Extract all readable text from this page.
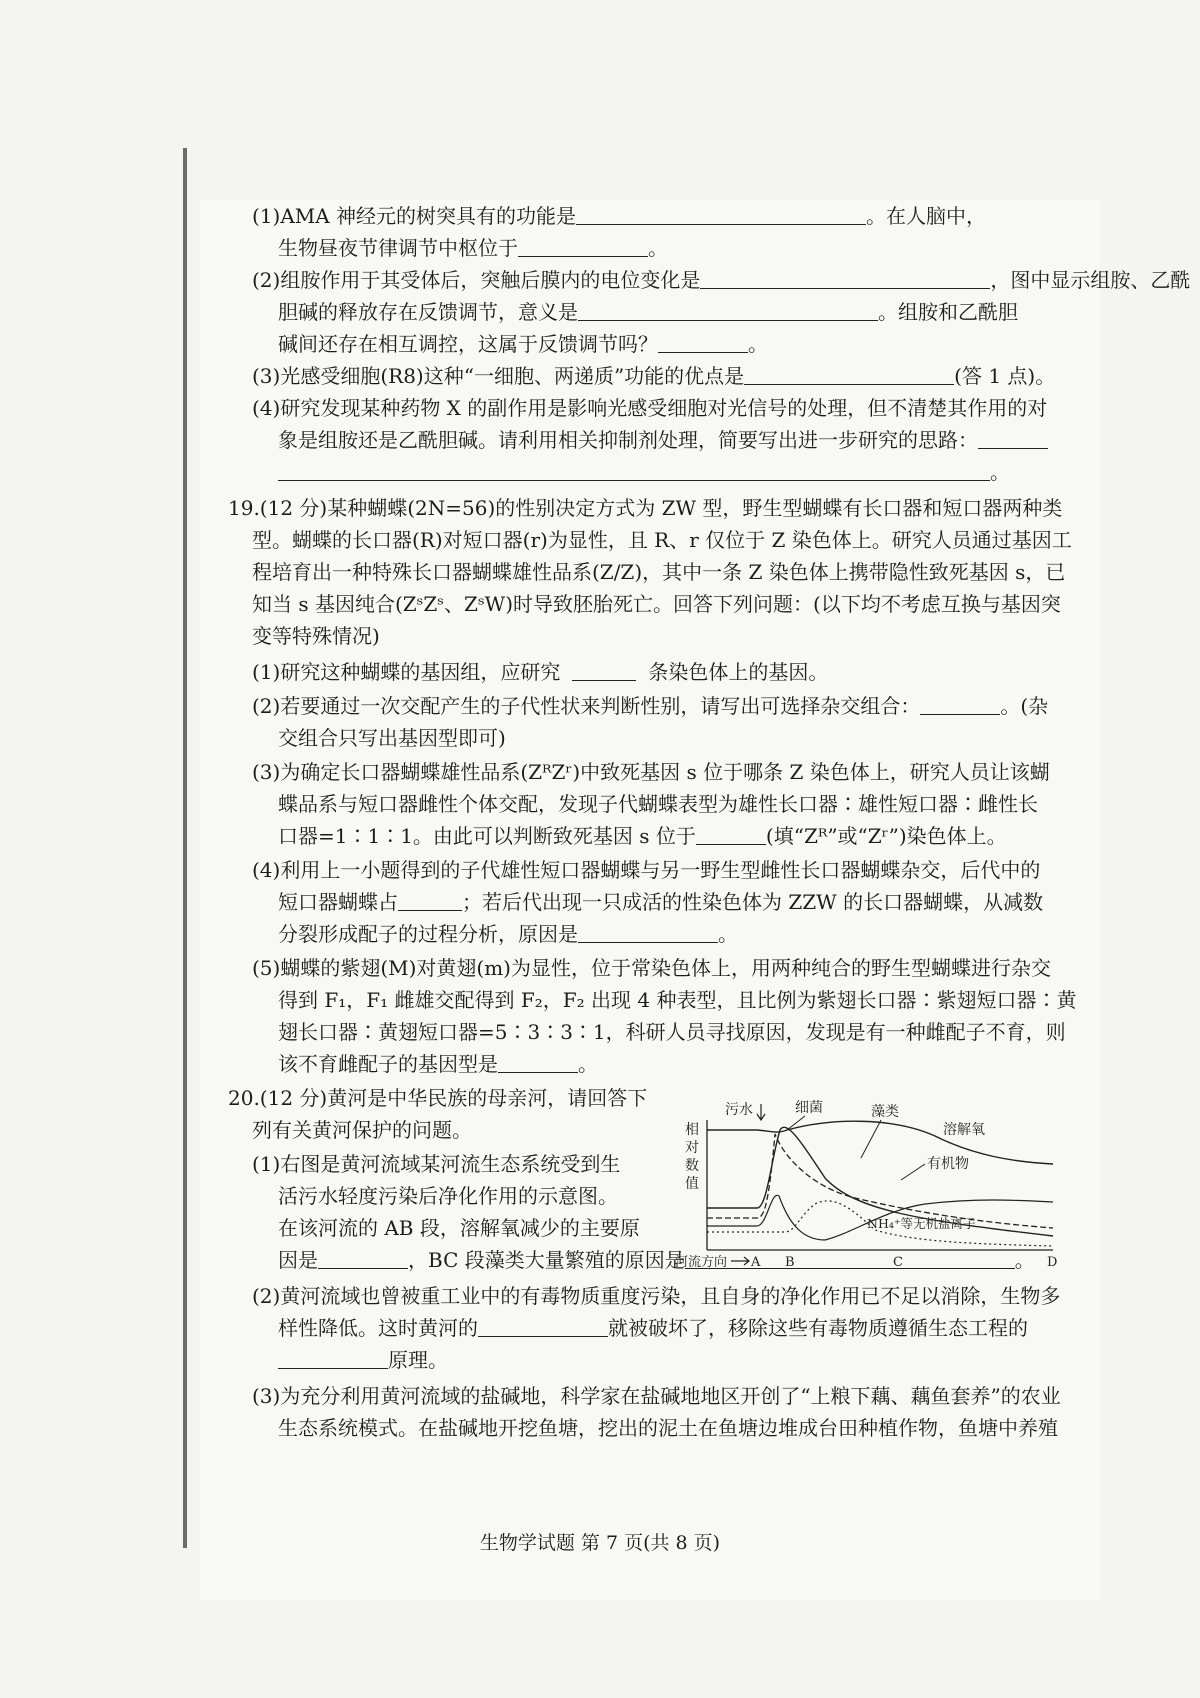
(1)AMA 神经元的树突具有的功能是	。在人脑中，
生物昼夜节律调节中枢位于	。
(2)组胺作用于其受体后，突触后膜内的电位变化是	，图中显示组胺、乙酰
胆碱的释放存在反馈调节，意义是	。组胺和乙酰胆
碱间还存在相互调控，这属于反馈调节吗？	。
(3)光感受细胞(R8)这种“一细胞、两递质”功能的优点是	(答 1 点)。
(4)研究发现某种药物 X 的副作用是影响光感受细胞对光信号的处理，但不清楚其作用的对
象是组胺还是乙酰胆碱。请利用相关抑制剂处理，简要写出进一步研究的思路：
。
19.(12 分)某种蝴蝶(2N=56)的性别决定方式为 ZW 型，野生型蝴蝶有长口器和短口器两种类
型。蝴蝶的长口器(R)对短口器(r)为显性，且 R、r 仅位于 Z 染色体上。研究人员通过基因工
程培育出一种特殊长口器蝴蝶雄性品系(Z/Z)，其中一条 Z 染色体上携带隐性致死基因 s，已
知当 s 基因纯合(ZˢZˢ、ZˢW)时导致胚胎死亡。回答下列问题：(以下均不考虑互换与基因突
变等特殊情况)
(1)研究这种蝴蝶的基因组，应研究	条染色体上的基因。
(2)若要通过一次交配产生的子代性状来判断性别，请写出可选择杂交组合：	。(杂
交组合只写出基因型即可)
(3)为确定长口器蝴蝶雄性品系(ZᴿZʳ)中致死基因 s 位于哪条 Z 染色体上，研究人员让该蝴
蝶品系与短口器雌性个体交配，发现子代蝴蝶表型为雄性长口器∶雄性短口器∶雌性长
口器=1∶1∶1。由此可以判断致死基因 s 位于	(填“Zᴿ”或“Zʳ”)染色体上。
(4)利用上一小题得到的子代雄性短口器蝴蝶与另一野生型雌性长口器蝴蝶杂交，后代中的
短口器蝴蝶占	；若后代出现一只成活的性染色体为 ZZW 的长口器蝴蝶，从减数
分裂形成配子的过程分析，原因是	。
(5)蝴蝶的紫翅(M)对黄翅(m)为显性，位于常染色体上，用两种纯合的野生型蝴蝶进行杂交
得到 F₁，F₁ 雌雄交配得到 F₂，F₂ 出现 4 种表型，且比例为紫翅长口器∶紫翅短口器∶黄
翅长口器∶黄翅短口器=5∶3∶3∶1，科研人员寻找原因，发现是有一种雌配子不育，则
该不育雌配子的基因型是	。
20.(12 分)黄河是中华民族的母亲河，请回答下
列有关黄河保护的问题。
(1)右图是黄河流域某河流生态系统受到生
活污水轻度污染后净化作用的示意图。
在该河流的 AB 段，溶解氧减少的主要原
因是	，BC 段藻类大量繁殖的原因是	。
(2)黄河流域也曾被重工业中的有毒物质重度污染，且自身的净化作用已不足以消除，生物多
样性降低。这时黄河的	就被破坏了，移除这些有毒物质遵循生态工程的
原理。
(3)为充分利用黄河流域的盐碱地，科学家在盐碱地地区开创了“上粮下藕、藕鱼套养”的农业
生态系统模式。在盐碱地开挖鱼塘，挖出的泥土在鱼塘边堆成台田种植作物，鱼塘中养殖
相
对
数
值
污水	细菌	藻类
溶解氧
有机物
NH₄⁺等无机盐离子
河流方向 A B	C	D
生物学试题 第 7 页(共 8 页)
